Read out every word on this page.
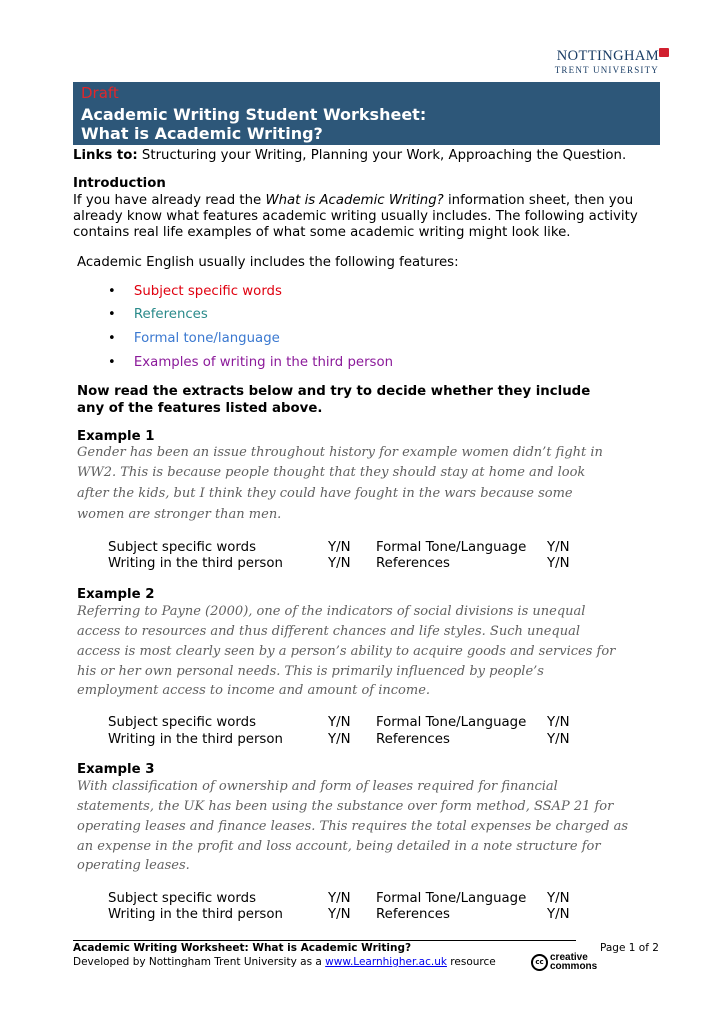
NOTTINGHAM
TRENT UNIVERSITY
Draft
Academic Writing Student Worksheet:
What is Academic Writing?
Links to: Structuring your Writing, Planning your Work, Approaching the Question.
Introduction
If you have already read the What is Academic Writing? information sheet, then you
already know what features academic writing usually includes. The following activity
contains real life examples of what some academic writing might look like.
Academic English usually includes the following features:
• Subject specific words
• References
• Formal tone/language
• Examples of writing in the third person
Now read the extracts below and try to decide whether they include
any of the features listed above.
Example 1
Gender has been an issue throughout history for example women didn’t fight in
WW2. This is because people thought that they should stay at home and look
after the kids, but I think they could have fought in the wars because some
women are stronger than men.
Subject specific words	Y/N Formal Tone/Language Y/N
Writing in the third person	Y/N References	Y/N
Example 2
Referring to Payne (2000), one of the indicators of social divisions is unequal
access to resources and thus different chances and life styles. Such unequal
access is most clearly seen by a person’s ability to acquire goods and services for
his or her own personal needs. This is primarily influenced by people’s
employment access to income and amount of income.
Subject specific words	Y/N Formal Tone/Language Y/N
Writing in the third person	Y/N References	Y/N
Example 3
With classification of ownership and form of leases required for financial
statements, the UK has been using the substance over form method, SSAP 21 for
operating leases and finance leases. This requires the total expenses be charged as
an expense in the profit and loss account, being detailed in a note structure for
operating leases.
Subject specific words	Y/N Formal Tone/Language Y/N
Writing in the third person	Y/N References	Y/N
Academic Writing Worksheet: What is Academic Writing?	Page 1 of 2
Developed by Nottingham Trent University as a www.Learnhigher.ac.uk resource	cc creative
commons
